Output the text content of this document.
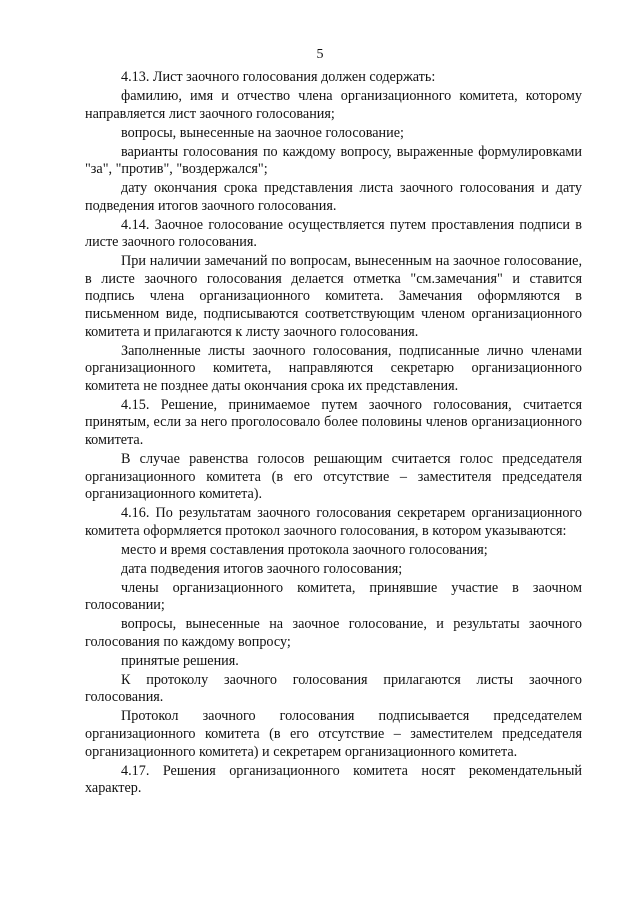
5

4.13. Лист заочного голосования должен содержать:

фамилию, имя и отчество члена организационного комитета, которому направляется лист заочного голосования;

вопросы, вынесенные на заочное голосование;

варианты голосования по каждому вопросу, выраженные формулировками "за", "против", "воздержался";

дату окончания срока представления листа заочного голосования и дату подведения итогов заочного голосования.

4.14. Заочное голосование осуществляется путем проставления подписи в листе заочного голосования.

При наличии замечаний по вопросам, вынесенным на заочное голосование, в листе заочного голосования делается отметка "см.замечания" и ставится подпись члена организационного комитета. Замечания оформляются в письменном виде, подписываются соответствующим членом организационного комитета и прилагаются к листу заочного голосования.

Заполненные листы заочного голосования, подписанные лично членами организационного комитета, направляются секретарю организационного комитета не позднее даты окончания срока их представления.

4.15. Решение, принимаемое путем заочного голосования, считается принятым, если за него проголосовало более половины членов организационного комитета.

В случае равенства голосов решающим считается голос председателя организационного комитета (в его отсутствие – заместителя председателя организационного комитета).

4.16. По результатам заочного голосования секретарем организационного комитета оформляется протокол заочного голосования, в котором указываются:

место и время составления протокола заочного голосования;

дата подведения итогов заочного голосования;

члены организационного комитета, принявшие участие в заочном голосовании;

вопросы, вынесенные на заочное голосование, и результаты заочного голосования по каждому вопросу;

принятые решения.

К протоколу заочного голосования прилагаются листы заочного голосования.

Протокол заочного голосования подписывается председателем организационного комитета (в его отсутствие – заместителем председателя организационного комитета) и секретарем организационного комитета.

4.17. Решения организационного комитета носят рекомендательный характер.
